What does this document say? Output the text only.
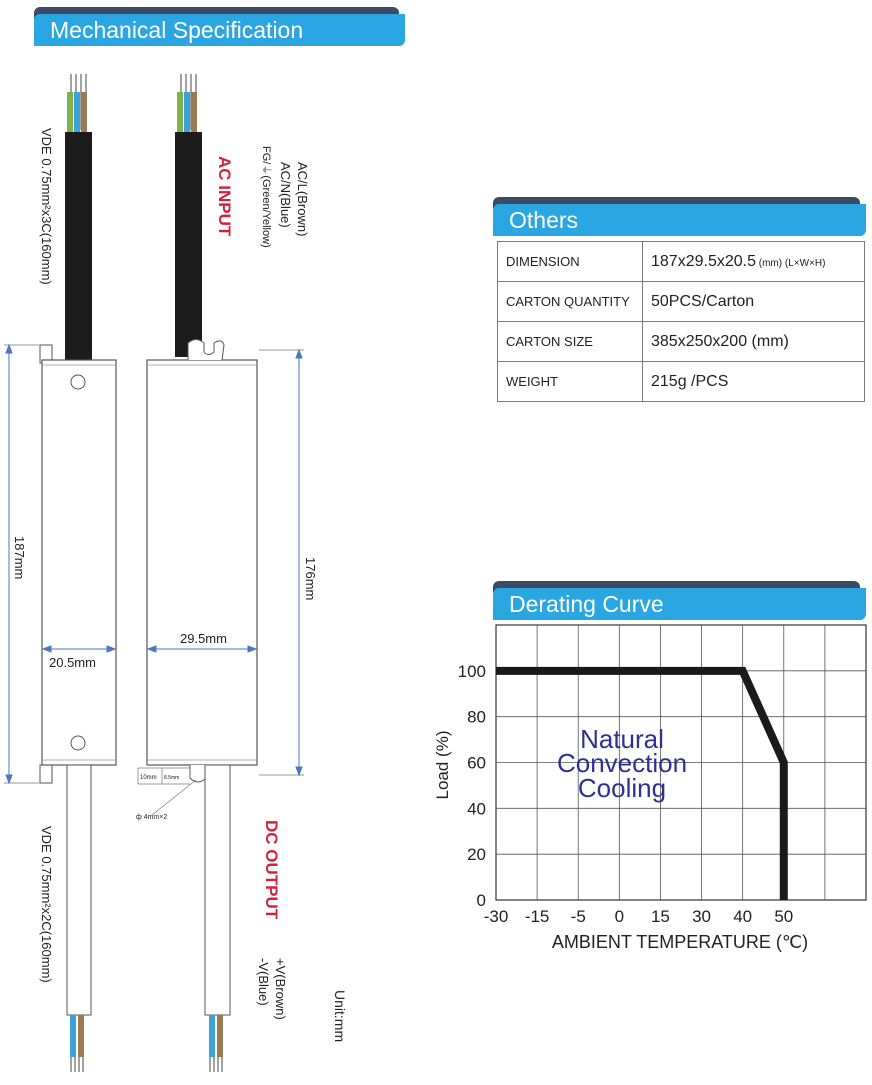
Mechanical Specification
Others
Derating Curve
VDE 0.75mm²x3C(160mm)
VDE 0.75mm²x2C(160mm)
AC INPUT	AC/L(Brown)
AC/N(Blue)
FG/⏚(Green/Yellow)
DC OUTPUT
+V(Brown)
-V(Blue)
187mm	176mm
20.5mm
29.5mm
10mm 8.5mm
ф 4mm×2
Unit:mm
DIMENSION	187x29.5x20.5 (mm) (L×W×H)
CARTON QUANTITY	50PCS/Carton
CARTON SIZE	385x250x200 (mm)
WEIGHT	215g /PCS
-30 -15 -5 0 15 30 40 50
0
20
40
60
80
100
Natural
Convection
Cooling
AMBIENT TEMPERATURE (℃)
Load (%)
